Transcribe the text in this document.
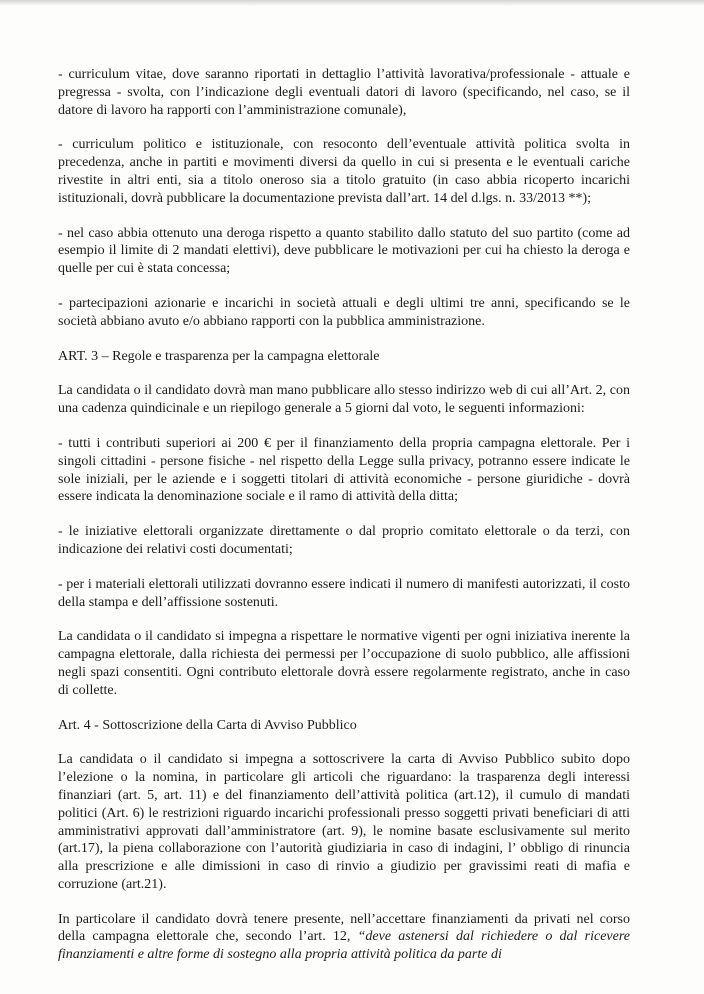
- curriculum vitae, dove saranno riportati in dettaglio l’attività lavorativa/professionale - attuale e pregressa - svolta, con l’indicazione degli eventuali datori di lavoro (specificando, nel caso, se il datore di lavoro ha rapporti con l’amministrazione comunale),

- curriculum politico e istituzionale, con resoconto dell’eventuale attività politica svolta in precedenza, anche in partiti e movimenti diversi da quello in cui si presenta e le eventuali cariche rivestite in altri enti, sia a titolo oneroso sia a titolo gratuito (in caso abbia ricoperto incarichi istituzionali, dovrà pubblicare la documentazione prevista dall’art. 14 del d.lgs. n. 33/2013 **);

- nel caso abbia ottenuto una deroga rispetto a quanto stabilito dallo statuto del suo partito (come ad esempio il limite di 2 mandati elettivi), deve pubblicare le motivazioni per cui ha chiesto la deroga e quelle per cui è stata concessa;

- partecipazioni azionarie e incarichi in società attuali e degli ultimi tre anni, specificando se le società abbiano avuto e/o abbiano rapporti con la pubblica amministrazione.

ART. 3 – Regole e trasparenza per la campagna elettorale

La candidata o il candidato dovrà man mano pubblicare allo stesso indirizzo web di cui all’Art. 2, con una cadenza quindicinale e un riepilogo generale a 5 giorni dal voto, le seguenti informazioni:

- tutti i contributi superiori ai 200 € per il finanziamento della propria campagna elettorale. Per i singoli cittadini - persone fisiche - nel rispetto della Legge sulla privacy, potranno essere indicate le sole iniziali, per le aziende e i soggetti titolari di attività economiche - persone giuridiche - dovrà essere indicata la denominazione sociale e il ramo di attività della ditta;

- le iniziative elettorali organizzate direttamente o dal proprio comitato elettorale o da terzi, con indicazione dei relativi costi documentati;

- per i materiali elettorali utilizzati dovranno essere indicati il numero di manifesti autorizzati, il costo della stampa e dell’affissione sostenuti.

La candidata o il candidato si impegna a rispettare le normative vigenti per ogni iniziativa inerente la campagna elettorale, dalla richiesta dei permessi per l’occupazione di suolo pubblico, alle affissioni negli spazi consentiti. Ogni contributo elettorale dovrà essere regolarmente registrato, anche in caso di collette.

Art. 4 - Sottoscrizione della Carta di Avviso Pubblico

La candidata o il candidato si impegna a sottoscrivere la carta di Avviso Pubblico subito dopo l’elezione o la nomina, in particolare gli articoli che riguardano: la trasparenza degli interessi finanziari (art. 5, art. 11) e del finanziamento dell’attività politica (art.12), il cumulo di mandati politici (Art. 6) le restrizioni riguardo incarichi professionali presso soggetti privati beneficiari di atti amministrativi approvati dall’amministratore (art. 9), le nomine basate esclusivamente sul merito (art.17), la piena collaborazione con l’autorità giudiziaria in caso di indagini, l’ obbligo di rinuncia alla prescrizione e alle dimissioni in caso di rinvio a giudizio per gravissimi reati di mafia e corruzione (art.21).

In particolare il candidato dovrà tenere presente, nell’accettare finanziamenti da privati nel corso della campagna elettorale che, secondo l’art. 12, “deve astenersi dal richiedere o dal ricevere finanziamenti e altre forme di sostegno alla propria attività politica da parte di
